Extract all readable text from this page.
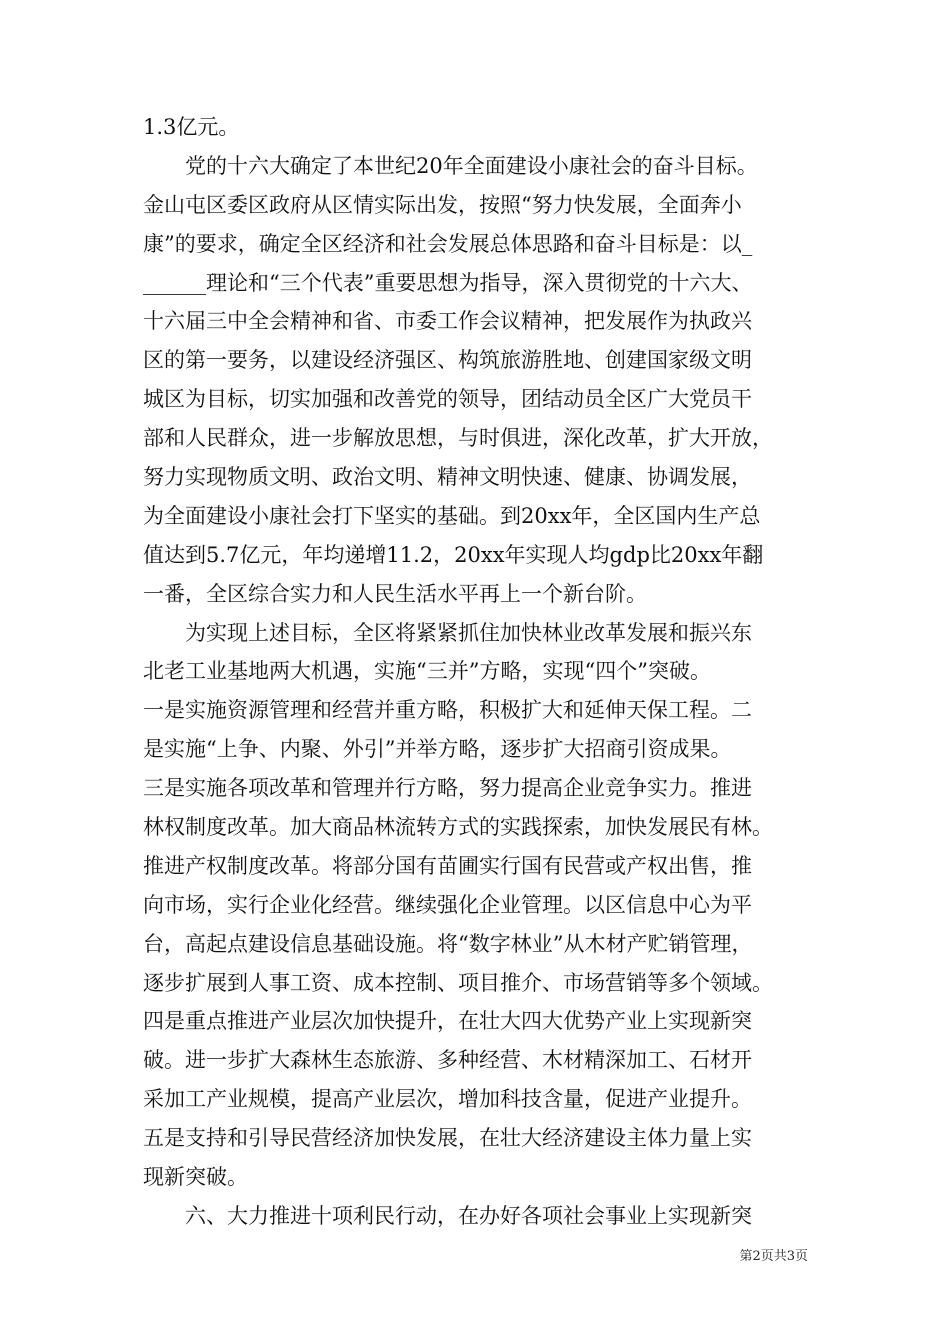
1.3亿元。
党的十六大确定了本世纪20年全面建设小康社会的奋斗目标。
金山屯区委区政府从区情实际出发，按照“努力快发展，全面奔小
康”的要求，确定全区经济和社会发展总体思路和奋斗目标是：以_
______理论和“三个代表”重要思想为指导，深入贯彻党的十六大、
十六届三中全会精神和省、市委工作会议精神，把发展作为执政兴
区的第一要务，以建设经济强区、构筑旅游胜地、创建国家级文明
城区为目标，切实加强和改善党的领导，团结动员全区广大党员干
部和人民群众，进一步解放思想，与时俱进，深化改革，扩大开放，
努力实现物质文明、政治文明、精神文明快速、健康、协调发展，
为全面建设小康社会打下坚实的基础。到20xx年，全区国内生产总
值达到5.7亿元，年均递增11.2，20xx年实现人均gdp比20xx年翻
一番，全区综合实力和人民生活水平再上一个新台阶。
为实现上述目标，全区将紧紧抓住加快林业改革发展和振兴东
北老工业基地两大机遇，实施“三并”方略，实现“四个”突破。
一是实施资源管理和经营并重方略，积极扩大和延伸天保工程。二
是实施“上争、内聚、外引”并举方略，逐步扩大招商引资成果。
三是实施各项改革和管理并行方略，努力提高企业竞争实力。推进
林权制度改革。加大商品林流转方式的实践探索，加快发展民有林。
推进产权制度改革。将部分国有苗圃实行国有民营或产权出售，推
向市场，实行企业化经营。继续强化企业管理。以区信息中心为平
台，高起点建设信息基础设施。将“数字林业”从木材产贮销管理，
逐步扩展到人事工资、成本控制、项目推介、市场营销等多个领域。
四是重点推进产业层次加快提升，在壮大四大优势产业上实现新突
破。进一步扩大森林生态旅游、多种经营、木材精深加工、石材开
采加工产业规模，提高产业层次，增加科技含量，促进产业提升。
五是支持和引导民营经济加快发展，在壮大经济建设主体力量上实
现新突破。
六、大力推进十项利民行动，在办好各项社会事业上实现新突
第2页共3页
